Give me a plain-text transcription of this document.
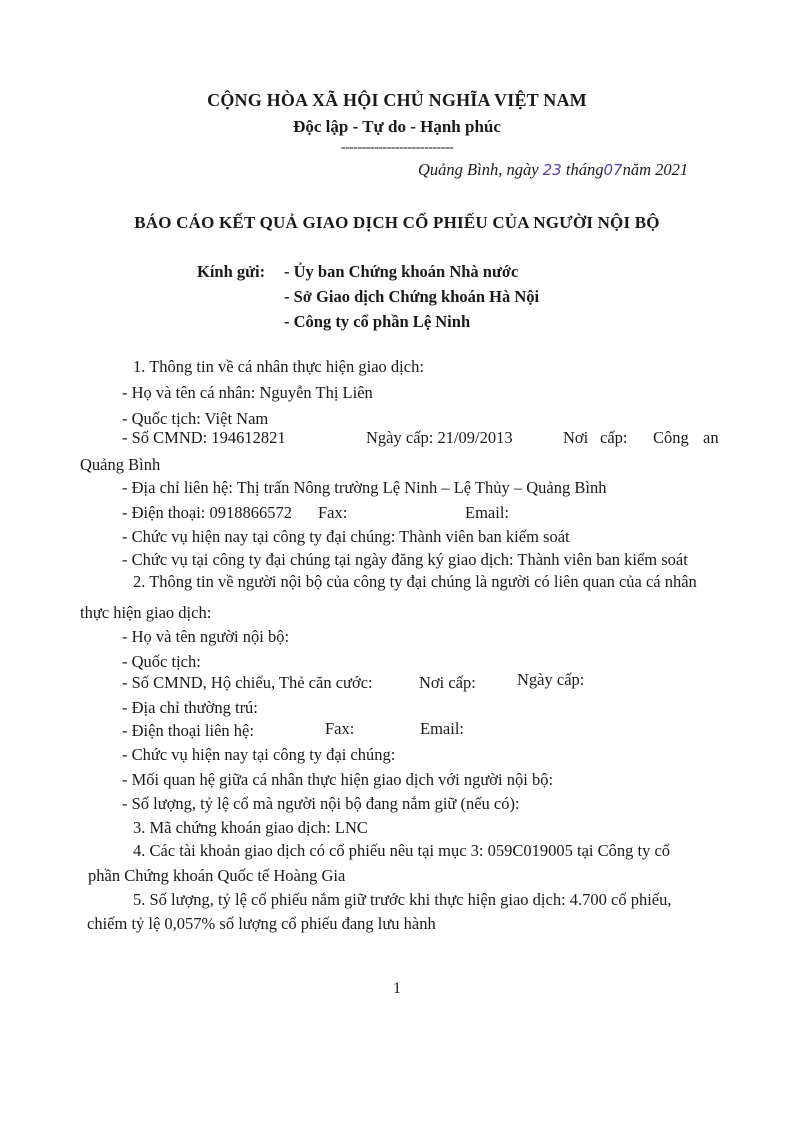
CỘNG HÒA XÃ HỘI CHỦ NGHĨA VIỆT NAM
Độc lập - Tự do - Hạnh phúc
---------------------------
Quảng Bình, ngày 23 tháng07năm 2021
BÁO CÁO KẾT QUẢ GIAO DỊCH CỔ PHIẾU CỦA NGƯỜI NỘI BỘ
Kính gửi: - Ủy ban Chứng khoán Nhà nước
- Sở Giao dịch Chứng khoán Hà Nội
- Công ty cổ phần Lệ Ninh
1. Thông tin về cá nhân thực hiện giao dịch:
- Họ và tên cá nhân: Nguyễn Thị Liên
- Quốc tịch: Việt Nam
- Số CMND: 194612821	Ngày cấp: 21/09/2013	Nơi cấp: Công an
Quảng Bình
- Địa chỉ liên hệ: Thị trấn Nông trường Lệ Ninh – Lệ Thủy – Quảng Bình
- Điện thoại: 0918866572 Fax:	Email:
- Chức vụ hiện nay tại công ty đại chúng: Thành viên ban kiểm soát
- Chức vụ tại công ty đại chúng tại ngày đăng ký giao dịch: Thành viên ban kiểm soát
2. Thông tin về người nội bộ của công ty đại chúng là người có liên quan của cá nhân
thực hiện giao dịch:
- Họ và tên người nội bộ:
- Quốc tịch:
- Số CMND, Hộ chiếu, Thẻ căn cước:	Nơi cấp: Ngày cấp:
- Địa chỉ thường trú:
- Điện thoại liên hệ:	Fax:	Email:
- Chức vụ hiện nay tại công ty đại chúng:
- Mối quan hệ giữa cá nhân thực hiện giao dịch với người nội bộ:
- Số lượng, tỷ lệ cổ mà người nội bộ đang nắm giữ (nếu có):
3. Mã chứng khoán giao dịch: LNC
4. Các tài khoản giao dịch có cổ phiếu nêu tại mục 3: 059C019005 tại Công ty cổ
phần Chứng khoán Quốc tế Hoàng Gia
5. Số lượng, tỷ lệ cổ phiếu nắm giữ trước khi thực hiện giao dịch: 4.700 cổ phiếu,
chiếm tỷ lệ 0,057% số lượng cổ phiếu đang lưu hành
1
